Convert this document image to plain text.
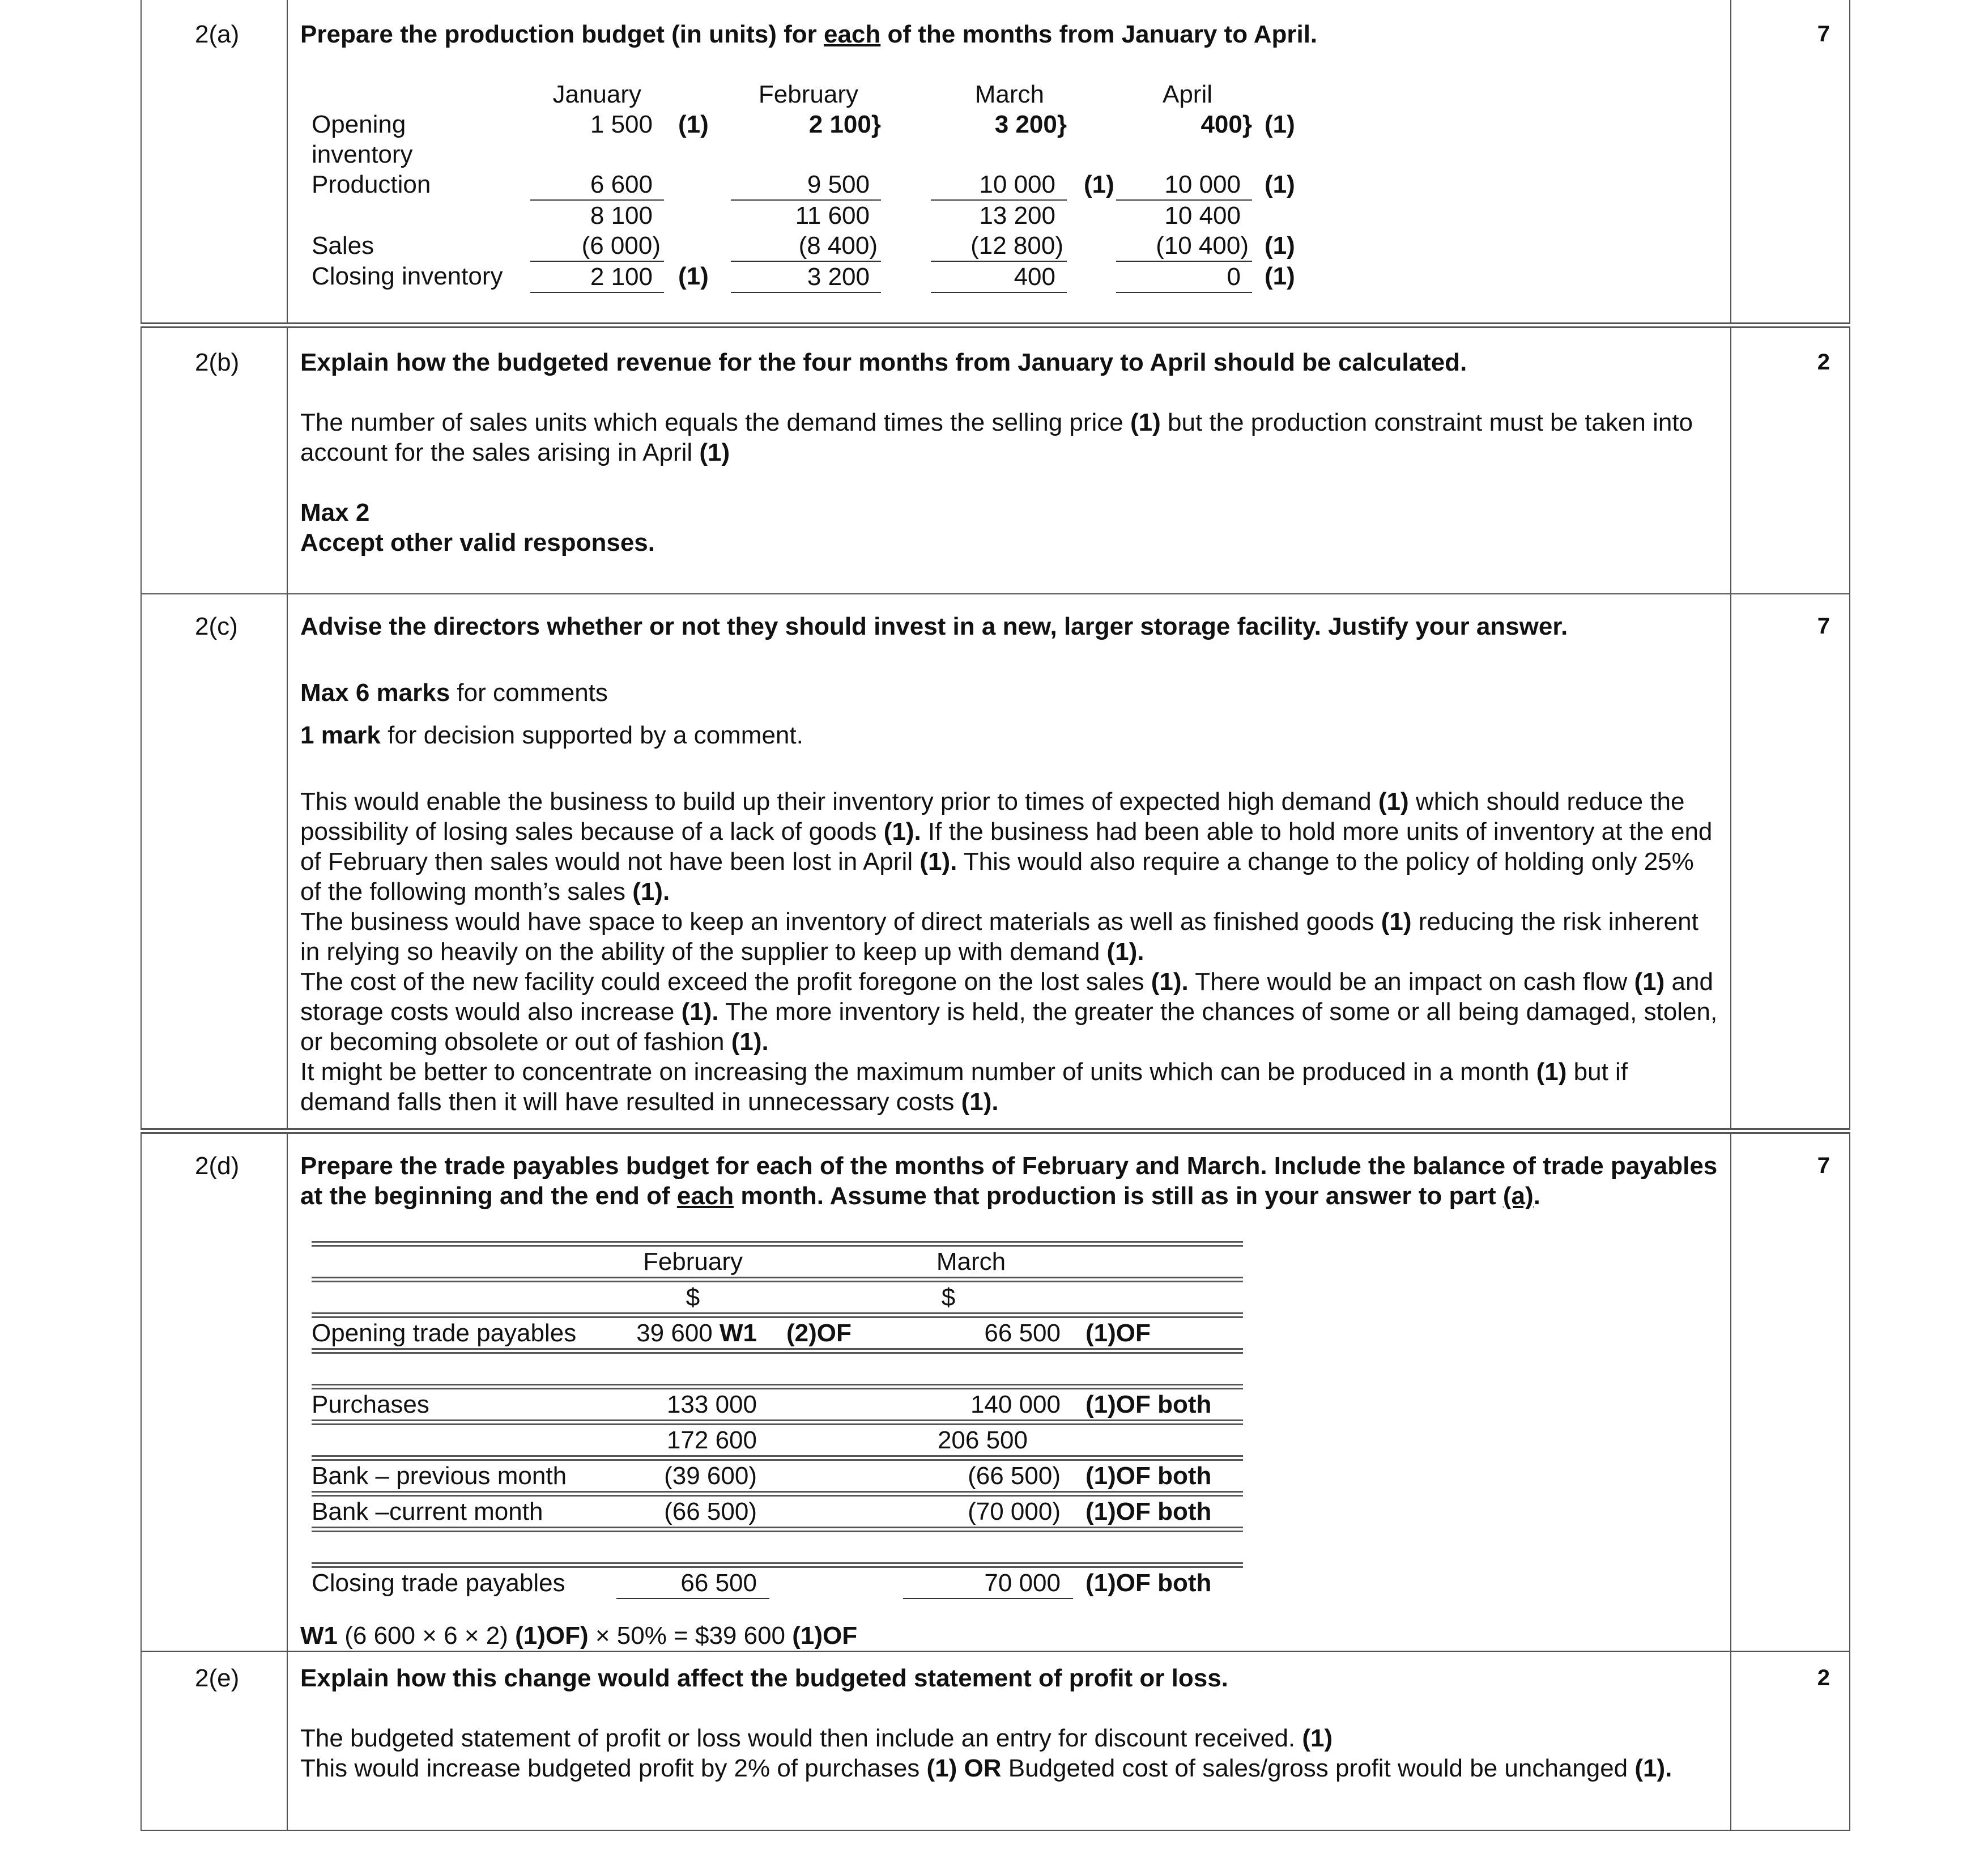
2(a)	Prepare the production budget (in units) for each of the months from January to April.
	January		February		March		April	
Opening
inventory	1 500	(1)	2 100}		3 200}		400}	(1)
Production	6 600		9 500		10 000	(1)	10 000	(1)
	8 100		11 600		13 200		10 400	
Sales	(6 000)		(8 400)		(12 800)		(10 400)	(1)
Closing inventory	2 100	(1)	3 200		400		0	(1)
	7
2(b)	Explain how the budgeted revenue for the four months from January to April should be calculated.
The number of sales units which equals the demand times the selling price (1) but the production constraint must be taken into account for the sales arising in April (1)
Max 2
Accept other valid responses.
	2
2(c)	Advise the directors whether or not they should invest in a new, larger storage facility. Justify your answer.
Max 6 marks for comments
1 mark for decision supported by a comment.
This would enable the business to build up their inventory prior to times of expected high demand (1) which should reduce the possibility of losing sales because of a lack of goods (1). If the business had been able to hold more units of inventory at the end of February then sales would not have been lost in April (1). This would also require a change to the policy of holding only 25% of the following month’s sales (1).
The business would have space to keep an inventory of direct materials as well as finished goods (1) reducing the risk inherent in relying so heavily on the ability of the supplier to keep up with demand (1).
The cost of the new facility could exceed the profit foregone on the lost sales (1). There would be an impact on cash flow (1) and storage costs would also increase (1). The more inventory is held, the greater the chances of some or all being damaged, stolen, or becoming obsolete or out of fashion (1).
It might be better to concentrate on increasing the maximum number of units which can be produced in a month (1) but if demand falls then it will have resulted in unnecessary costs (1).
	7
2(d)	Prepare the trade payables budget for each of the months of February and March. Include the balance of trade payables at the beginning and the end of each month. Assume that production is still as in your answer to part (a).
	February		March	
	$		$	
Opening trade payables	39 600 W1	(2)OF	66 500	(1)OF

Purchases	133 000		140 000	(1)OF both
	172 600		206 500	
Bank – previous month	(39 600)		(66 500)	(1)OF both
Bank –current month	(66 500)		(70 000)	(1)OF both

Closing trade payables	66 500		70 000	(1)OF both
W1 (6 600 × 6 × 2) (1)OF) × 50% = $39 600 (1)OF
	7
2(e)	Explain how this change would affect the budgeted statement of profit or loss.
The budgeted statement of profit or loss would then include an entry for discount received. (1)
This would increase budgeted profit by 2% of purchases (1) OR Budgeted cost of sales/gross profit would be unchanged (1).
	2
